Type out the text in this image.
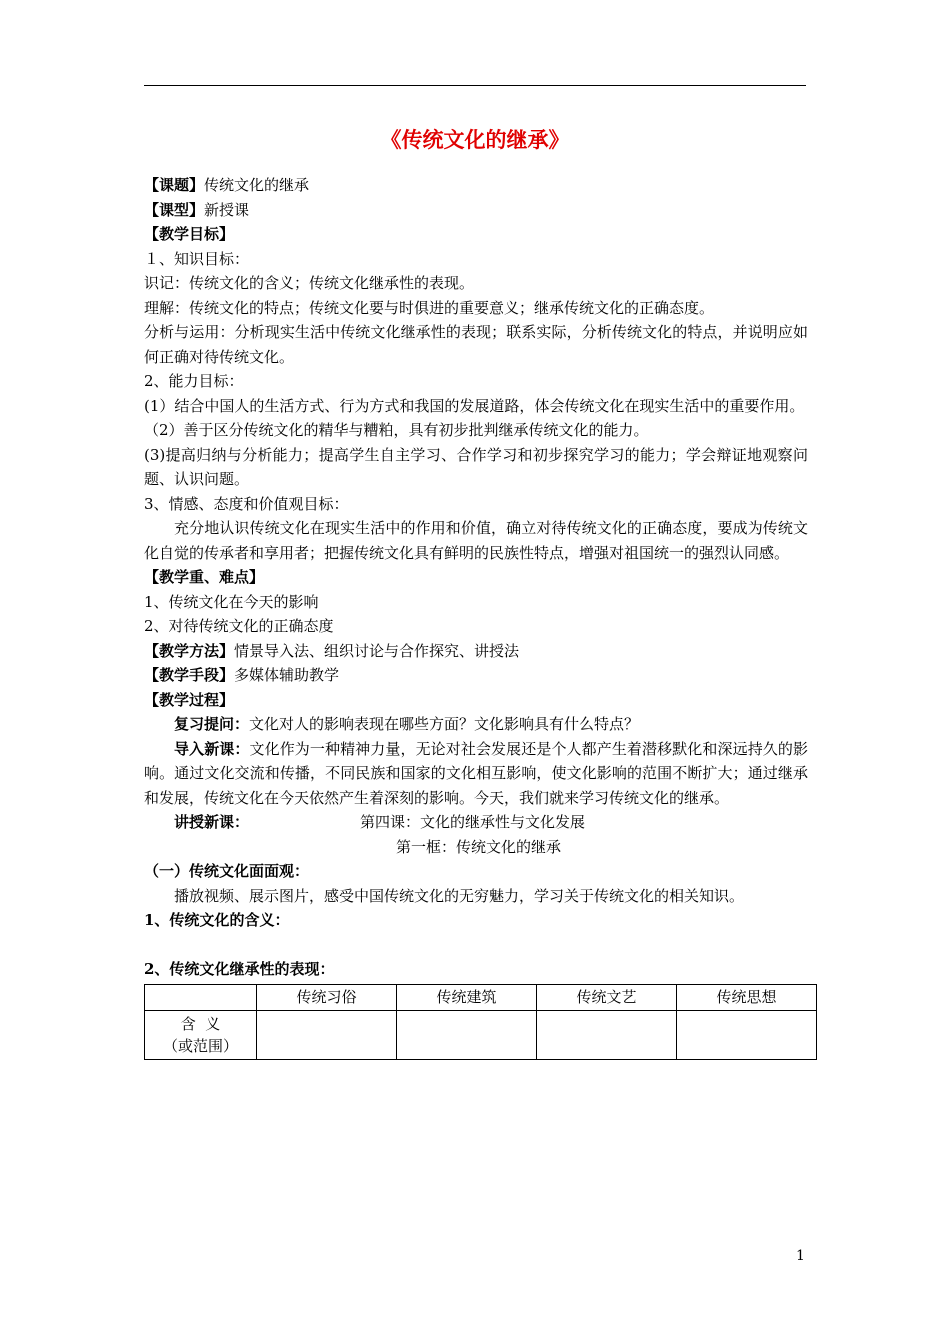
《传统文化的继承》

【课题】传统文化的继承

【课型】新授课

【教学目标】

１、知识目标：

识记：传统文化的含义；传统文化继承性的表现。

理解：传统文化的特点；传统文化要与时俱进的重要意义；继承传统文化的正确态度。

分析与运用：分析现实生活中传统文化继承性的表现；联系实际，分析传统文化的特点，并说明应如何正确对待传统文化。

2、能力目标：

(1）结合中国人的生活方式、行为方式和我国的发展道路，体会传统文化在现实生活中的重要作用。

（2）善于区分传统文化的精华与糟粕，具有初步批判继承传统文化的能力。

(3)提高归纳与分析能力；提高学生自主学习、合作学习和初步探究学习的能力；学会辩证地观察问题、认识问题。

3、情感、态度和价值观目标：

充分地认识传统文化在现实生活中的作用和价值，确立对待传统文化的正确态度，要成为传统文化自觉的传承者和享用者；把握传统文化具有鲜明的民族性特点，增强对祖国统一的强烈认同感。

【教学重、难点】

1、传统文化在今天的影响

2、对待传统文化的正确态度

【教学方法】情景导入法、组织讨论与合作探究、讲授法

【教学手段】多媒体辅助教学

【教学过程】

复习提问：文化对人的影响表现在哪些方面？文化影响具有什么特点？

导入新课：文化作为一种精神力量，无论对社会发展还是个人都产生着潜移默化和深远持久的影响。通过文化交流和传播，不同民族和国家的文化相互影响，使文化影响的范围不断扩大；通过继承和发展，传统文化在今天依然产生着深刻的影响。今天，我们就来学习传统文化的继承。

讲授新课：	第四课：文化的继承性与文化发展
第一框：传统文化的继承

（一）传统文化面面观：

播放视频、展示图片，感受中国传统文化的无穷魅力，学习关于传统文化的相关知识。

1、传统文化的含义：

2、传统文化继承性的表现：

	传统习俗	传统建筑	传统文艺	传统思想

含  义
（或范围）				

1
